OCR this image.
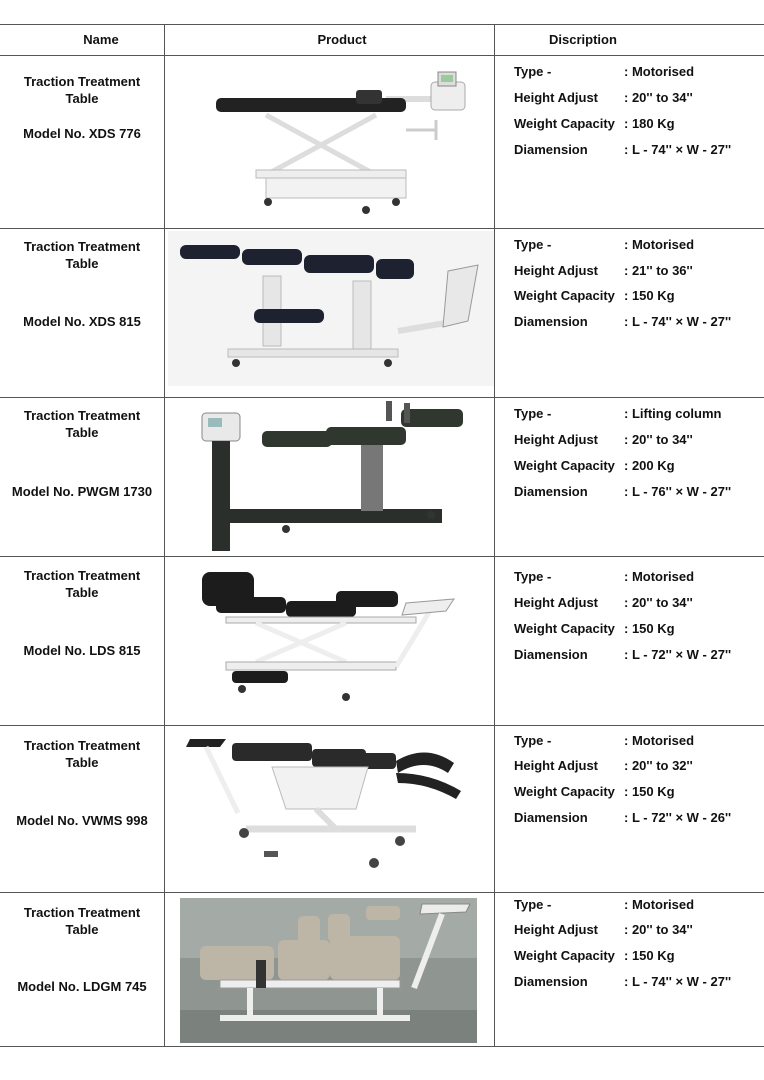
Name	Product	Discription
Traction Treatment
Table
Model No. XDS 776
Type -	: Motorised
Height Adjust : 20'' to 34''
Weight Capacity : 180 Kg
Diamension	: L - 74'' × W - 27''
Traction Treatment
Table
Model No. XDS 815
Type -	: Motorised
Height Adjust : 21'' to 36''
Weight Capacity : 150 Kg
Diamension	: L - 74'' × W - 27''
Traction Treatment
Table
Model No. PWGM 1730
Type -	: Lifting column
Height Adjust : 20'' to 34''
Weight Capacity : 200 Kg
Diamension	: L - 76'' × W - 27''
Traction Treatment
Table
Model No. LDS 815
Type -	: Motorised
Height Adjust : 20'' to 34''
Weight Capacity : 150 Kg
Diamension	: L - 72'' × W - 27''
Traction Treatment
Table
Model No. VWMS 998
Type -	: Motorised
Height Adjust : 20'' to 32''
Weight Capacity : 150 Kg
Diamension	: L - 72'' × W - 26''
Traction Treatment
Table
Model No. LDGM 745
Type -	: Motorised
Height Adjust : 20'' to 34''
Weight Capacity : 150 Kg
Diamension	: L - 74'' × W - 27''
